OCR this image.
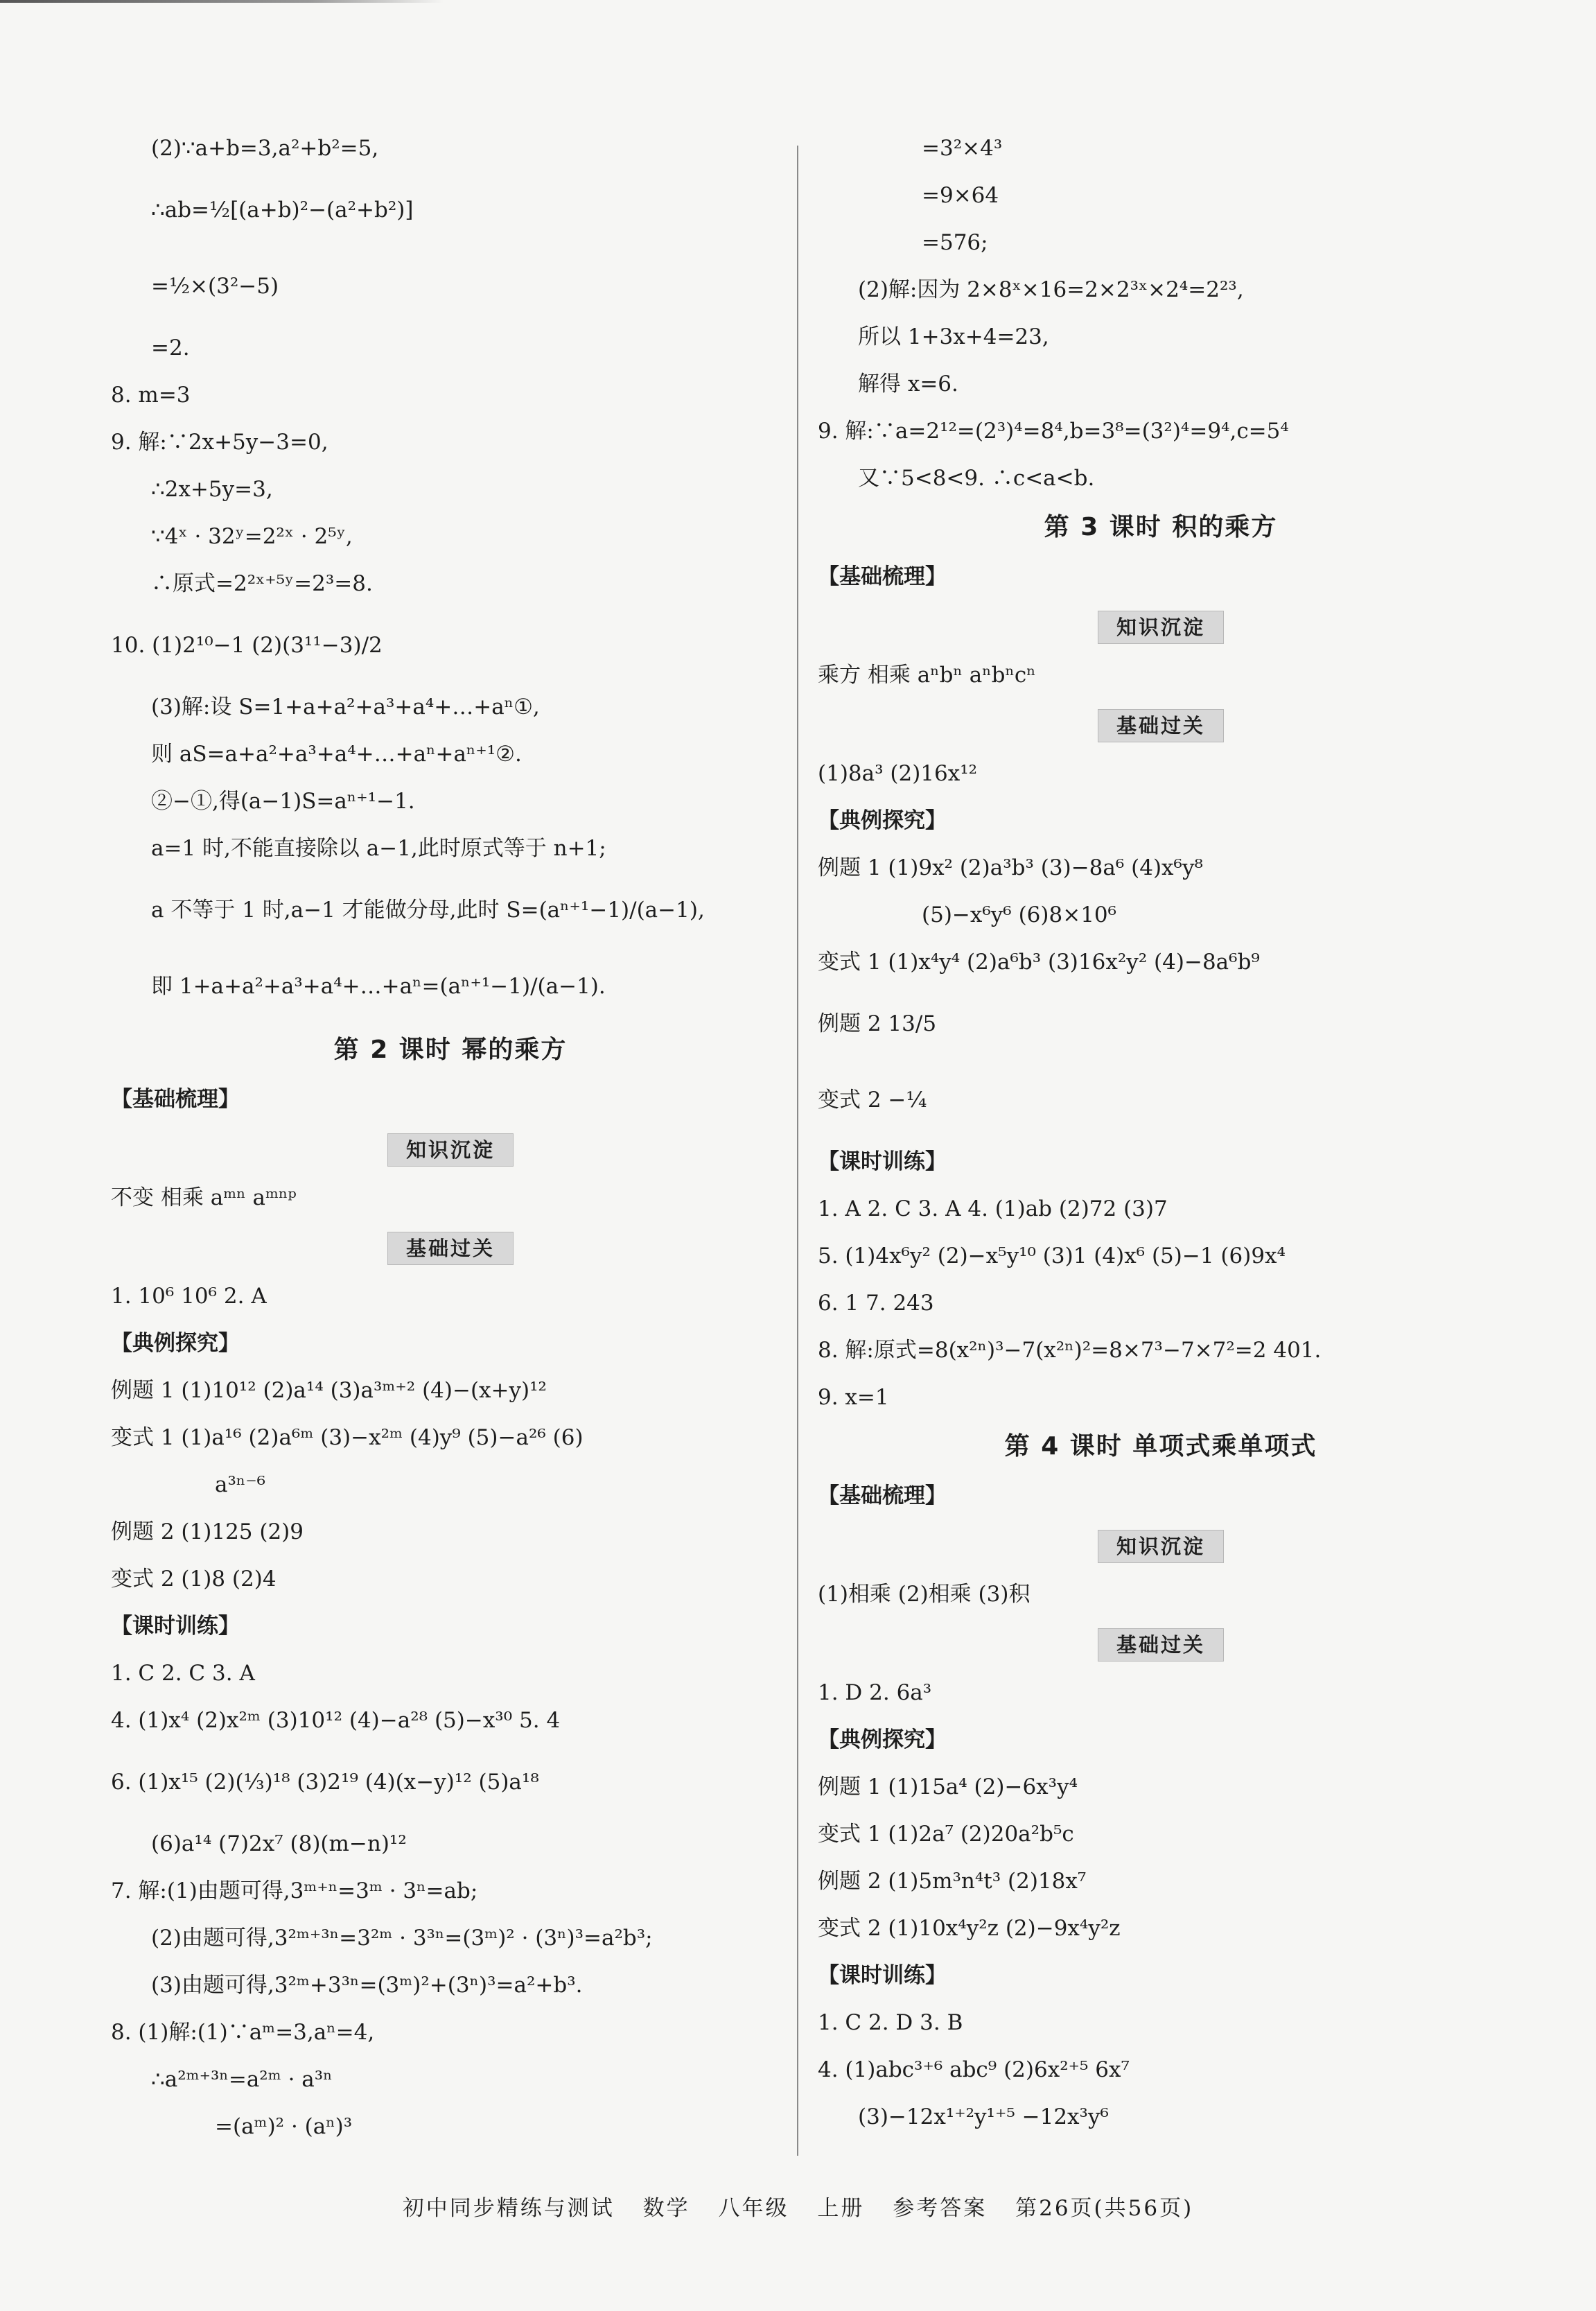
(2)∵a+b=3,a²+b²=5,
∴ab=½[(a+b)²−(a²+b²)]
=½×(3²−5)
=2.
8. m=3
9. 解:∵2x+5y−3=0,
∴2x+5y=3,
∵4ˣ · 32ʸ=2²ˣ · 2⁵ʸ,
∴原式=2²ˣ⁺⁵ʸ=2³=8.
10. (1)2¹⁰−1 (2)(3¹¹−3)/2
(3)解:设 S=1+a+a²+a³+a⁴+…+aⁿ①,
则 aS=a+a²+a³+a⁴+…+aⁿ+aⁿ⁺¹②.
②−①,得(a−1)S=aⁿ⁺¹−1.
a=1 时,不能直接除以 a−1,此时原式等于 n+1;
a 不等于 1 时,a−1 才能做分母,此时 S=(aⁿ⁺¹−1)/(a−1),
即 1+a+a²+a³+a⁴+…+aⁿ=(aⁿ⁺¹−1)/(a−1).
第 2 课时 幂的乘方
【基础梳理】
知识沉淀
不变 相乘 aᵐⁿ aᵐⁿᵖ
基础过关
1. 10⁶ 10⁶ 2. A
【典例探究】
例题 1 (1)10¹² (2)a¹⁴ (3)a³ᵐ⁺² (4)−(x+y)¹²
变式 1 (1)a¹⁶ (2)a⁶ᵐ (3)−x²ᵐ (4)y⁹ (5)−a²⁶ (6)
a³ⁿ⁻⁶
例题 2 (1)125 (2)9
变式 2 (1)8 (2)4
【课时训练】
1. C 2. C 3. A
4. (1)x⁴ (2)x²ᵐ (3)10¹² (4)−a²⁸ (5)−x³⁰ 5. 4
6. (1)x¹⁵ (2)(⅓)¹⁸ (3)2¹⁹ (4)(x−y)¹² (5)a¹⁸
(6)a¹⁴ (7)2x⁷ (8)(m−n)¹²
7. 解:(1)由题可得,3ᵐ⁺ⁿ=3ᵐ · 3ⁿ=ab;
(2)由题可得,3²ᵐ⁺³ⁿ=3²ᵐ · 3³ⁿ=(3ᵐ)² · (3ⁿ)³=a²b³;
(3)由题可得,3²ᵐ+3³ⁿ=(3ᵐ)²+(3ⁿ)³=a²+b³.
8. (1)解:(1)∵aᵐ=3,aⁿ=4,
∴a²ᵐ⁺³ⁿ=a²ᵐ · a³ⁿ
=(aᵐ)² · (aⁿ)³
=3²×4³
=9×64
=576;
(2)解:因为 2×8ˣ×16=2×2³ˣ×2⁴=2²³,
所以 1+3x+4=23,
解得 x=6.
9. 解:∵a=2¹²=(2³)⁴=8⁴,b=3⁸=(3²)⁴=9⁴,c=5⁴
又∵5<8<9. ∴c<a<b.
第 3 课时 积的乘方
【基础梳理】
知识沉淀
乘方 相乘 aⁿbⁿ aⁿbⁿcⁿ
基础过关
(1)8a³ (2)16x¹²
【典例探究】
例题 1 (1)9x² (2)a³b³ (3)−8a⁶ (4)x⁶y⁸
(5)−x⁶y⁶ (6)8×10⁶
变式 1 (1)x⁴y⁴ (2)a⁶b³ (3)16x²y² (4)−8a⁶b⁹
例题 2 13/5
变式 2 −¼
【课时训练】
1. A 2. C 3. A 4. (1)ab (2)72 (3)7
5. (1)4x⁶y² (2)−x⁵y¹⁰ (3)1 (4)x⁶ (5)−1 (6)9x⁴
6. 1 7. 243
8. 解:原式=8(x²ⁿ)³−7(x²ⁿ)²=8×7³−7×7²=2 401.
9. x=1
第 4 课时 单项式乘单项式
【基础梳理】
知识沉淀
(1)相乘 (2)相乘 (3)积
基础过关
1. D 2. 6a³
【典例探究】
例题 1 (1)15a⁴ (2)−6x³y⁴
变式 1 (1)2a⁷ (2)20a²b⁵c
例题 2 (1)5m³n⁴t³ (2)18x⁷
变式 2 (1)10x⁴y²z (2)−9x⁴y²z
【课时训练】
1. C 2. D 3. B
4. (1)abc³⁺⁶ abc⁹ (2)6x²⁺⁵ 6x⁷
(3)−12x¹⁺²y¹⁺⁵ −12x³y⁶
初中同步精练与测试 数学 八年级 上册 参考答案 第26页(共56页)
